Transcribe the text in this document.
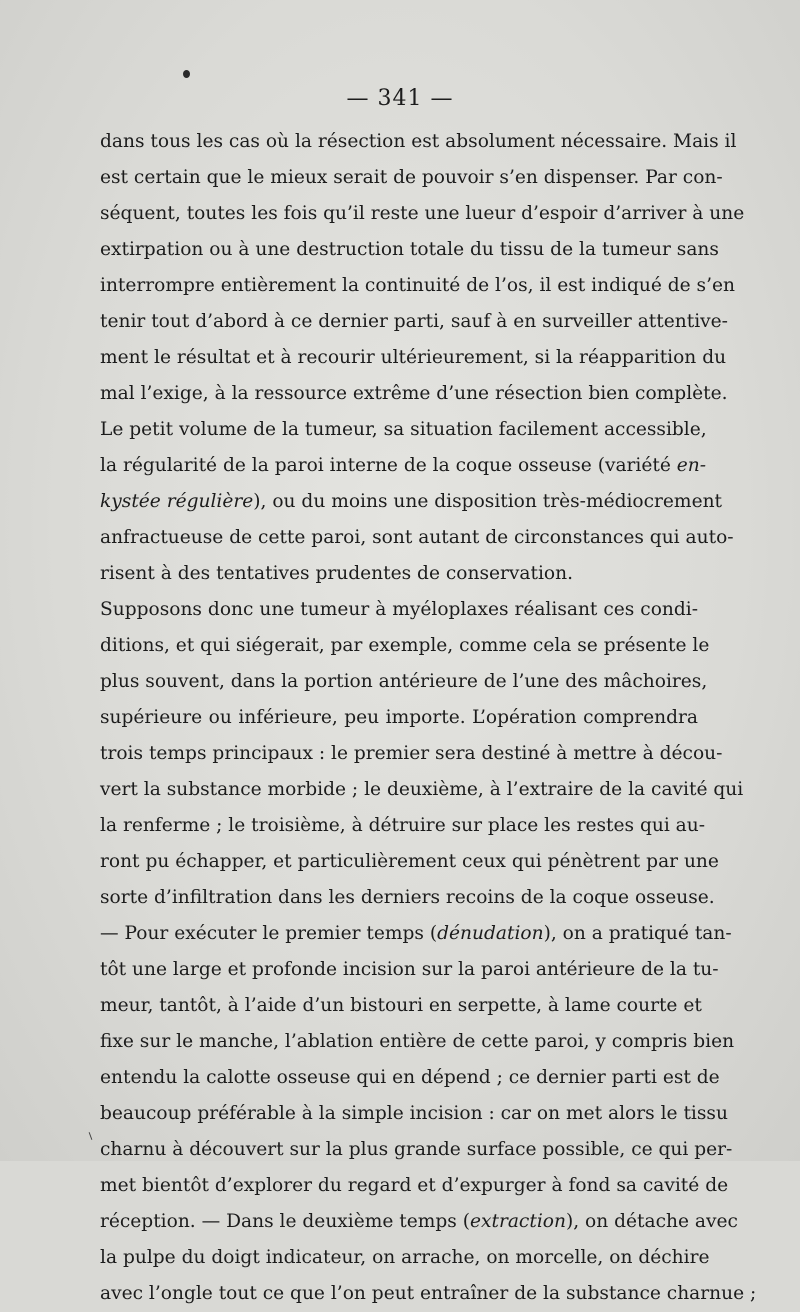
— 341 —
dans tous les cas où la résection est absolument nécessaire. Mais il
est certain que le mieux serait de pouvoir s’en dispenser. Par con-
séquent, toutes les fois qu’il reste une lueur d’espoir d’arriver à une
extirpation ou à une destruction totale du tissu de la tumeur sans
interrompre entièrement la continuité de l’os, il est indiqué de s’en
tenir tout d’abord à ce dernier parti, sauf à en surveiller attentive-
ment le résultat et à recourir ultérieurement, si la réapparition du
mal l’exige, à la ressource extrême d’une résection bien complète.
Le petit volume de la tumeur, sa situation facilement accessible,
la régularité de la paroi interne de la coque osseuse (variété en-
kystée régulière), ou du moins une disposition très-médiocrement
anfractueuse de cette paroi, sont autant de circonstances qui auto-
risent à des tentatives prudentes de conservation.
Supposons donc une tumeur à myéloplaxes réalisant ces condi-
ditions, et qui siégerait, par exemple, comme cela se présente le
plus souvent, dans la portion antérieure de l’une des mâchoires,
supérieure ou inférieure, peu importe. L’opération comprendra
trois temps principaux : le premier sera destiné à mettre à décou-
vert la substance morbide ; le deuxième, à l’extraire de la cavité qui
la renferme ; le troisième, à détruire sur place les restes qui au-
ront pu échapper, et particulièrement ceux qui pénètrent par une
sorte d’infiltration dans les derniers recoins de la coque osseuse.
— Pour exécuter le premier temps (dénudation), on a pratiqué tan-
tôt une large et profonde incision sur la paroi antérieure de la tu-
meur, tantôt, à l’aide d’un bistouri en serpette, à lame courte et
fixe sur le manche, l’ablation entière de cette paroi, y compris bien
entendu la calotte osseuse qui en dépend ; ce dernier parti est de
beaucoup préférable à la simple incision : car on met alors le tissu
charnu à découvert sur la plus grande surface possible, ce qui per-
met bientôt d’explorer du regard et d’expurger à fond sa cavité de
réception. — Dans le deuxième temps (extraction), on détache avec
la pulpe du doigt indicateur, on arrache, on morcelle, on déchire
avec l’ongle tout ce que l’on peut entraîner de la substance charnue ;
